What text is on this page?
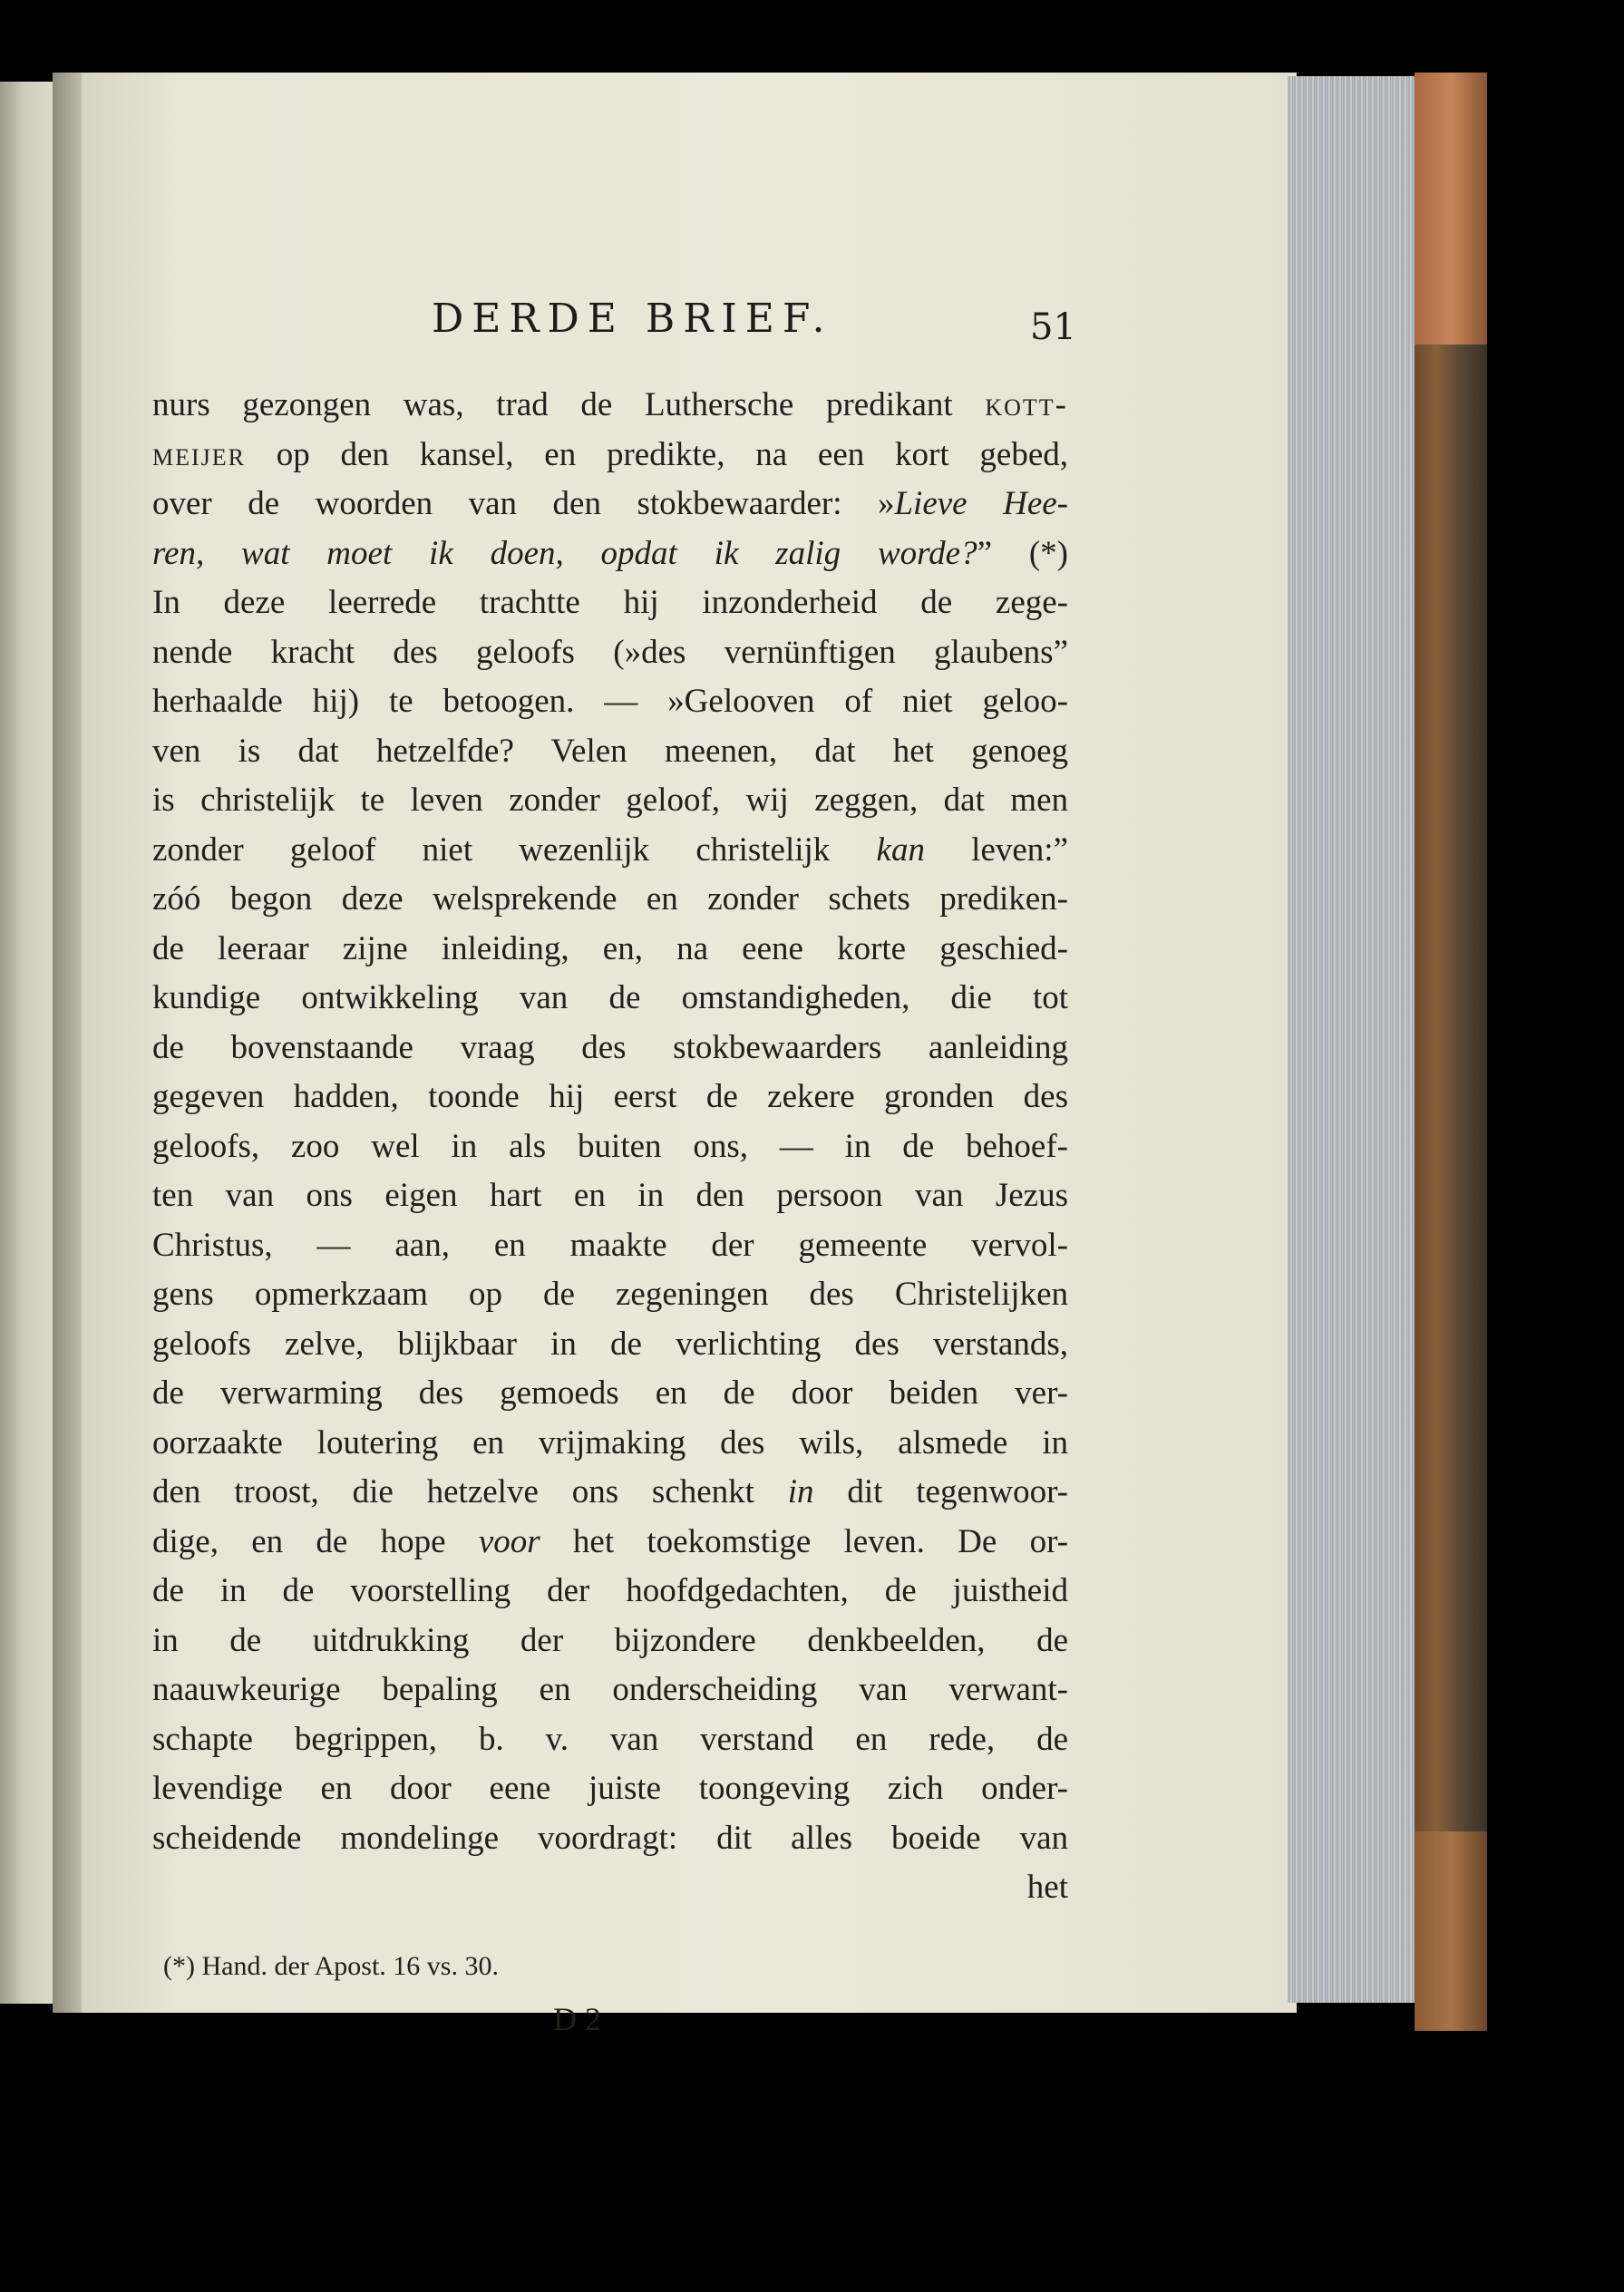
DERDE BRIEF.	51
nurs gezongen was, trad de Luthersche predikant kott-
meijer op den kansel, en predikte, na een kort gebed,
over de woorden van den stokbewaarder: »Lieve Hee-
ren, wat moet ik doen, opdat ik zalig worde?” (*)
In deze leerrede trachtte hij inzonderheid de zege-
nende kracht des geloofs (»des vernünftigen glaubens”
herhaalde hij) te betoogen. — »Gelooven of niet geloo-
ven is dat hetzelfde? Velen meenen, dat het genoeg
is christelijk te leven zonder geloof, wij zeggen, dat men
zonder geloof niet wezenlijk christelijk kan leven:”
zóó begon deze welsprekende en zonder schets prediken-
de leeraar zijne inleiding, en, na eene korte geschied-
kundige ontwikkeling van de omstandigheden, die tot
de bovenstaande vraag des stokbewaarders aanleiding
gegeven hadden, toonde hij eerst de zekere gronden des
geloofs, zoo wel in als buiten ons, — in de behoef-
ten van ons eigen hart en in den persoon van Jezus
Christus, — aan, en maakte der gemeente vervol-
gens opmerkzaam op de zegeningen des Christelijken
geloofs zelve, blijkbaar in de verlichting des verstands,
de verwarming des gemoeds en de door beiden ver-
oorzaakte loutering en vrijmaking des wils, alsmede in
den troost, die hetzelve ons schenkt in dit tegenwoor-
dige, en de hope voor het toekomstige leven. De or-
de in de voorstelling der hoofdgedachten, de juistheid
in de uitdrukking der bijzondere denkbeelden, de
naauwkeurige bepaling en onderscheiding van verwant-
schapte begrippen, b. v. van verstand en rede, de
levendige en door eene juiste toongeving zich onder-
scheidende mondelinge voordragt: dit alles boeide van
het
(*) Hand. der Apost. 16 vs. 30.
D 2
